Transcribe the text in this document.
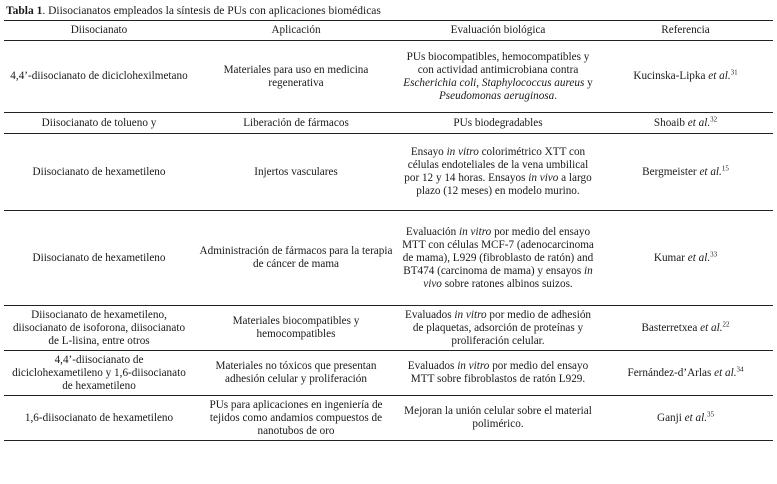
Tabla 1. Diisocianatos empleados la síntesis de PUs con aplicaciones biomédicas
Diisocianato	Aplicación	Evaluación biológica	Referencia
4,4’-diisocianato de diciclohexilmetano	Materiales para uso en medicina regenerativa	PUs biocompatibles, hemocompatibles y con actividad antimicrobiana contra Escherichia coli, Staphylococcus aureus y Pseudomonas aeruginosa.	Kucinska-Lipka et al.$^{31}$
Diisocianato de tolueno y	Liberación de fármacos	PUs biodegradables	Shoaib et al.$^{32}$
Diisocianato de hexametileno	Injertos vasculares	Ensayo in vitro colorimétrico XTT con células endoteliales de la vena umbilical por 12 y 14 horas. Ensayos in vivo a largo plazo (12 meses) en modelo murino.	Bergmeister et al.$^{15}$
Diisocianato de hexametileno	Administración de fármacos para la terapia de cáncer de mama	Evaluación in vitro por medio del ensayo MTT con células MCF-7 (adenocarcinoma de mama), L929 (fibroblasto de ratón) and BT474 (carcinoma de mama) y ensayos in vivo sobre ratones albinos suizos.	Kumar et al.$^{33}$
Diisocianato de hexametileno, diisocianato de isoforona, diisocianato de L-lisina, entre otros	Materiales biocompatibles y hemocompatibles	Evaluados in vitro por medio de adhesión de plaquetas, adsorción de proteínas y proliferación celular.	Basterretxea et al.$^{22}$
4,4’-diisocianato de diciclohexametileno y 1,6-diisocianato de hexametileno	Materiales no tóxicos que presentan adhesión celular y proliferación	Evaluados in vitro por medio del ensayo MTT sobre fibroblastos de ratón L929.	Fernández-d’Arlas et al.$^{34}$
1,6-diisocianato de hexametileno	PUs para aplicaciones en ingeniería de tejidos como andamios compuestos de nanotubos de oro	Mejoran la unión celular sobre el material polimérico.	Ganji et al.$^{35}$
